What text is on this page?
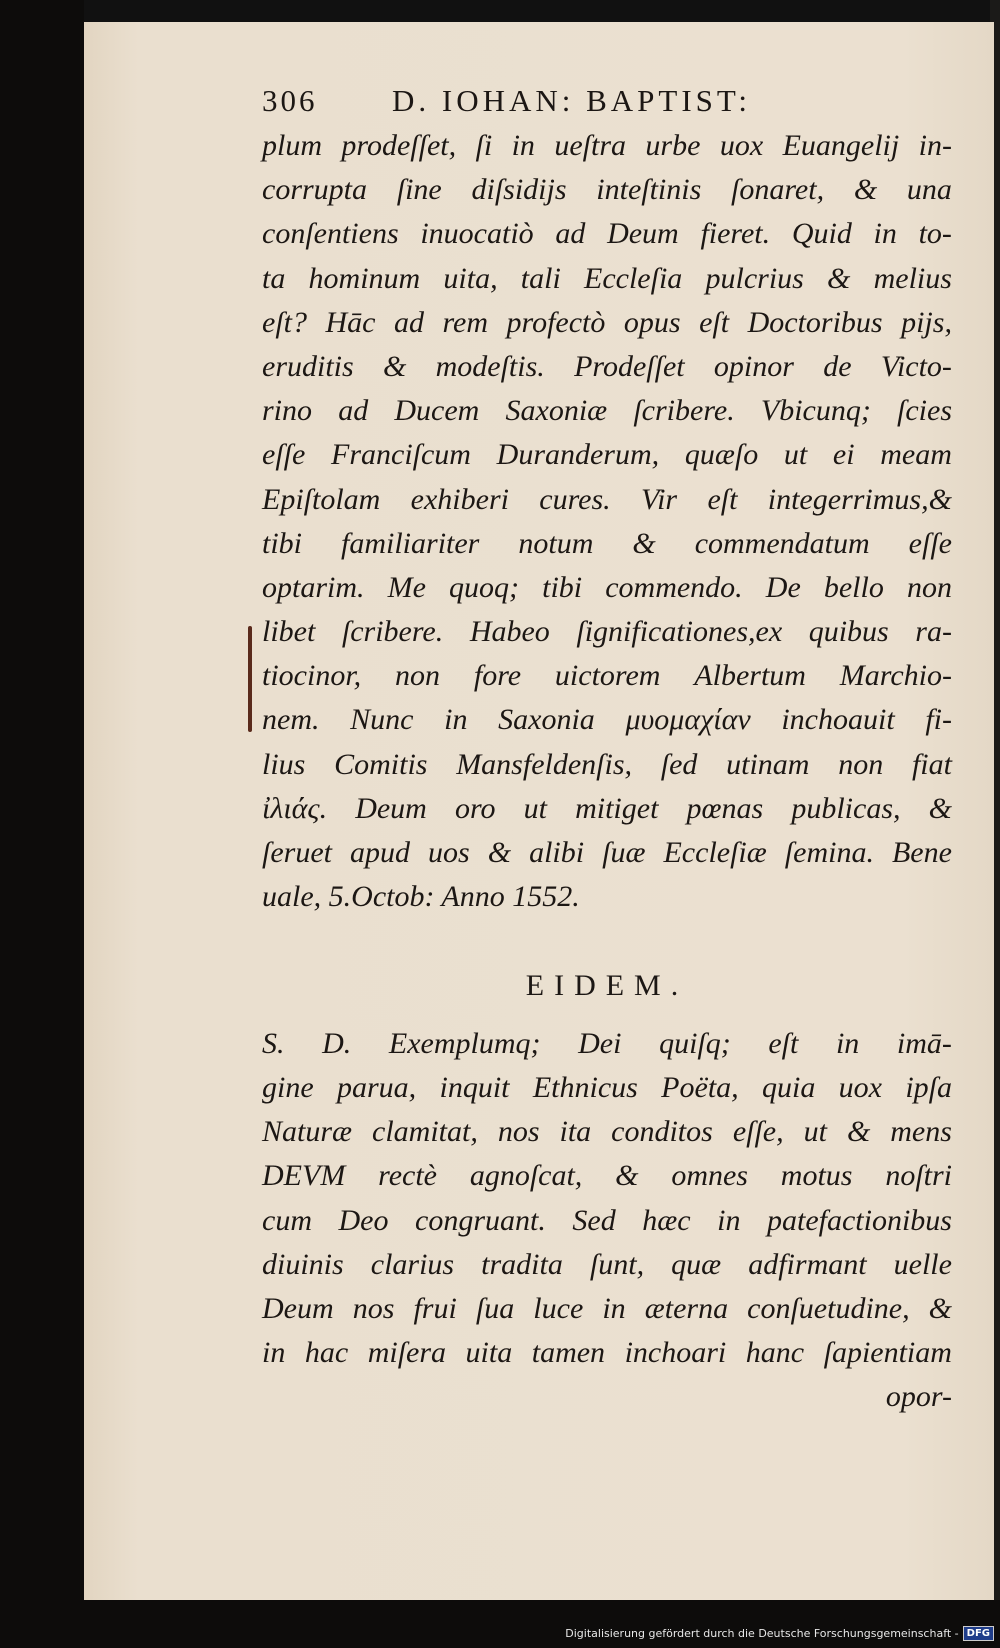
306	D. IOHAN: BAPTIST:
plum prodeſſet, ſi in ueſtra urbe uox Euangelij in-
corrupta ſine diſsidijs inteſtinis ſonaret, & una
conſentiens inuocatiò ad Deum fieret. Quid in to-
ta hominum uita, tali Eccleſia pulcrius & melius
eſt? Hāc ad rem profectò opus eſt Doctoribus pijs,
eruditis & modeſtis. Prodeſſet opinor de Victo-
rino ad Ducem Saxoniæ ſcribere. Vbicunq; ſcies
eſſe Franciſcum Duranderum, quæſo ut ei meam
Epiſtolam exhiberi cures. Vir eſt integerrimus,&
tibi familiariter notum & commendatum eſſe
optarim. Me quoq; tibi commendo. De bello non
libet ſcribere. Habeo ſignificationes,ex quibus ra-
tiocinor, non fore uictorem Albertum Marchio-
nem. Nunc in Saxonia μυομαχίαν inchoauit fi-
lius Comitis Mansfeldenſis, ſed utinam non fiat
ἰλιάς. Deum oro ut mitiget pœnas publicas, &
ſeruet apud uos & alibi ſuæ Eccleſiæ ſemina. Bene
uale, 5.Octob: Anno 1552.
EIDEM.
S. D. Exemplumq; Dei quiſq; eſt in imā-
gine parua, inquit Ethnicus Poëta, quia uox ipſa
Naturæ clamitat, nos ita conditos eſſe, ut & mens
DEVM rectè agnoſcat, & omnes motus noſtri
cum Deo congruant. Sed hæc in patefactionibus
diuinis clarius tradita ſunt, quæ adfirmant uelle
Deum nos frui ſua luce in æterna conſuetudine, &
in hac miſera uita tamen inchoari hanc ſapientiam
opor-
Digitalisierung gefördert durch die Deutsche Forschungsgemeinschaft - DFG
